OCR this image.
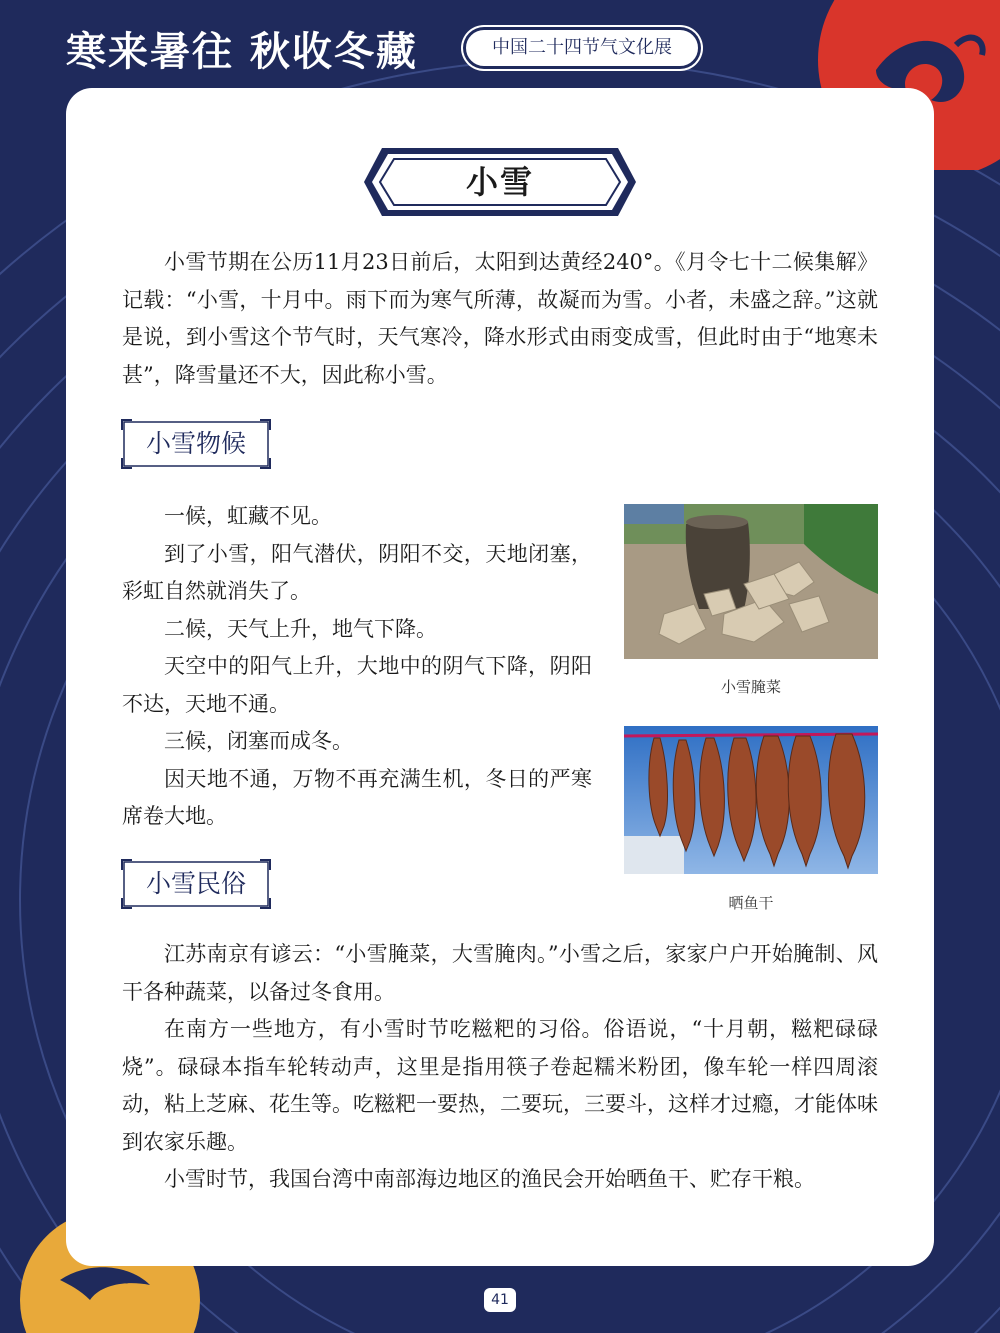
寒来暑往 秋收冬藏	中国二十四节气文化展
小雪

小雪节期在公历11月23日前后，太阳到达黄经240°。《月令七十二候集解》记载：“小雪，十月中。雨下而为寒气所薄，故凝而为雪。小者，未盛之辞。”这就是说，到小雪这个节气时，天气寒冷，降水形式由雨变成雪，但此时由于“地寒未甚”，降雪量还不大，因此称小雪。

小雪物候

一候，虹藏不见。

到了小雪，阳气潜伏，阴阳不交，天地闭塞，彩虹自然就消失了。

二候，天气上升，地气下降。

天空中的阳气上升，大地中的阴气下降，阴阳不达，天地不通。

三候，闭塞而成冬。

因天地不通，万物不再充满生机，冬日的严寒席卷大地。

小雪腌菜
晒鱼干
小雪民俗

江苏南京有谚云：“小雪腌菜，大雪腌肉。”小雪之后，家家户户开始腌制、风干各种蔬菜，以备过冬食用。

在南方一些地方，有小雪时节吃糍粑的习俗。俗语说，“十月朝，糍粑碌碌烧”。碌碌本指车轮转动声，这里是指用筷子卷起糯米粉团，像车轮一样四周滚动，粘上芝麻、花生等。吃糍粑一要热，二要玩，三要斗，这样才过瘾，才能体味到农家乐趣。

小雪时节，我国台湾中南部海边地区的渔民会开始晒鱼干、贮存干粮。

41
